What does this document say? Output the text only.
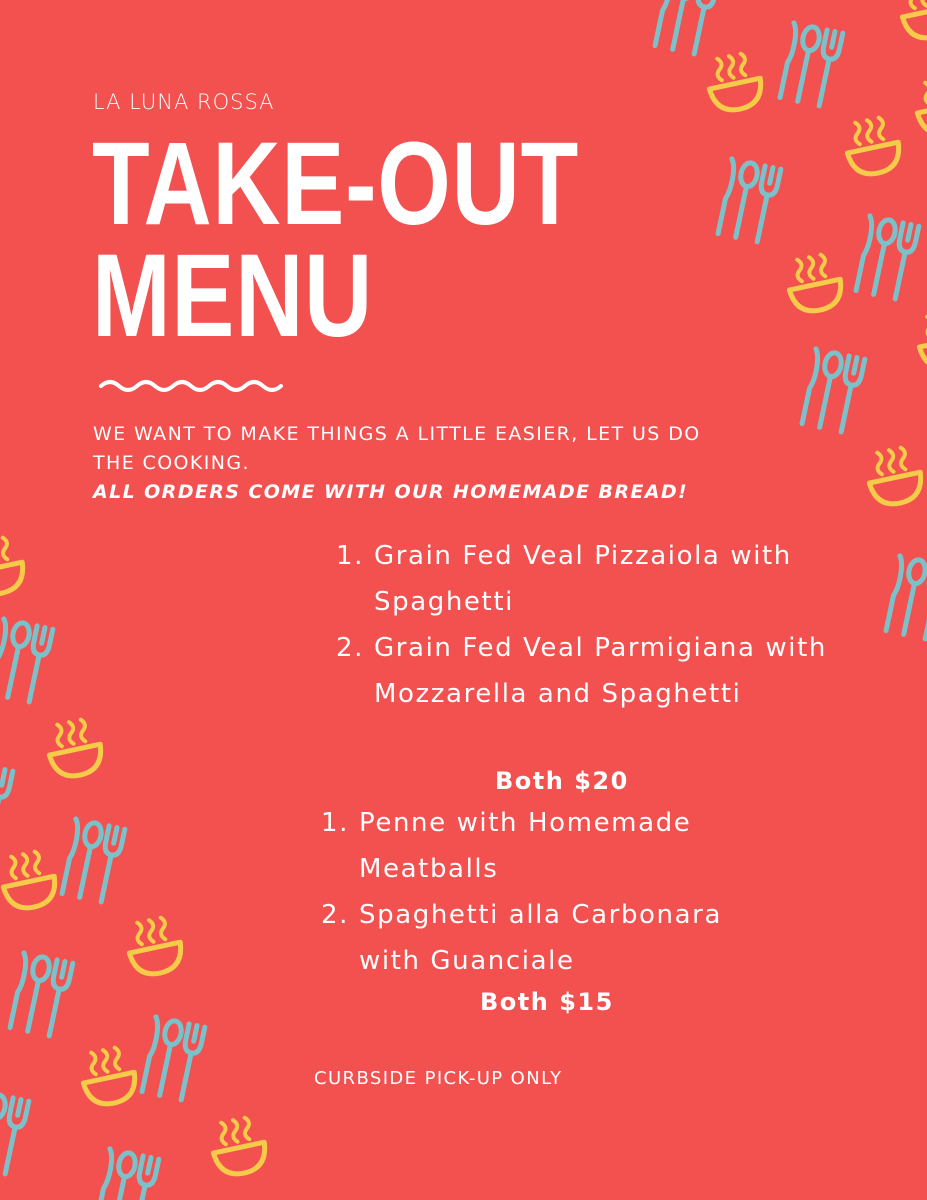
LA LUNA ROSSA
TAKE-OUT
MENU
WE WANT TO MAKE THINGS A LITTLE EASIER, LET US DO THE COOKING.
ALL ORDERS COME WITH OUR HOMEMADE BREAD!
1. Grain Fed Veal Pizzaiola with Spaghetti
2. Grain Fed Veal Parmigiana with Mozzarella and Spaghetti
Both $20
1. Penne with Homemade Meatballs
2. Spaghetti alla Carbonara with Guanciale
Both $15
CURBSIDE PICK-UP ONLY
